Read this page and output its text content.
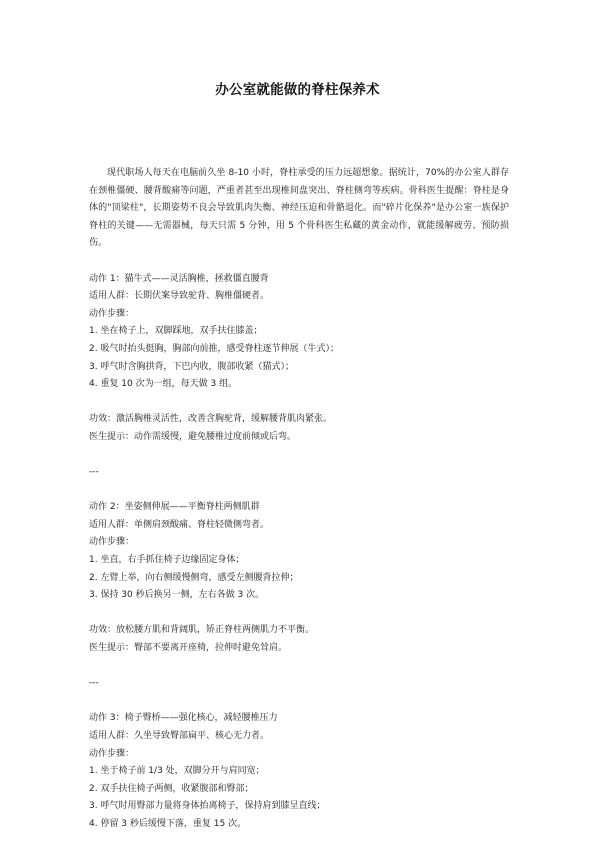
办公室就能做的脊柱保养术

现代职场人每天在电脑前久坐 8-10 小时，脊柱承受的压力远超想象。据统计，70%的办公室人群存在颈椎僵硬、腰背酸痛等问题，严重者甚至出现椎间盘突出、脊柱侧弯等疾病。骨科医生提醒：脊柱是身体的"顶梁柱"，长期姿势不良会导致肌肉失衡、神经压迫和骨骼退化。而"碎片化保养"是办公室一族保护脊柱的关键——无需器械，每天只需 5 分钟，用 5 个骨科医生私藏的黄金动作，就能缓解疲劳、预防损伤。

动作 1：猫牛式——灵活胸椎，拯救僵直腰背
适用人群：长期伏案导致驼背、胸椎僵硬者。
动作步骤：
1. 坐在椅子上，双脚踩地，双手扶住膝盖；
2. 吸气时抬头挺胸，胸部向前推，感受脊柱逐节伸展（牛式）；
3. 呼气时含胸拱背，下巴内收，腹部收紧（猫式）；
4. 重复 10 次为一组，每天做 3 组。
功效：激活胸椎灵活性，改善含胸驼背，缓解腰背肌肉紧张。
医生提示：动作需缓慢，避免腰椎过度前倾或后弯。
---
动作 2：坐姿侧伸展——平衡脊柱两侧肌群
适用人群：单侧肩颈酸痛、脊柱轻微侧弯者。
动作步骤：
1. 坐直，右手抓住椅子边缘固定身体；
2. 左臂上举，向右侧缓慢侧弯，感受左侧腰背拉伸；
3. 保持 30 秒后换另一侧，左右各做 3 次。
功效：放松腰方肌和背阔肌，矫正脊柱两侧肌力不平衡。
医生提示：臀部不要离开座椅，拉伸时避免耸肩。
---
动作 3：椅子臀桥——强化核心，减轻腰椎压力
适用人群：久坐导致臀部扁平、核心无力者。
动作步骤：
1. 坐于椅子前 1/3 处，双脚分开与肩同宽；
2. 双手扶住椅子两侧，收紧腹部和臀部；
3. 呼气时用臀部力量将身体抬离椅子，保持肩到膝呈直线；
4. 停留 3 秒后缓慢下落，重复 15 次。
